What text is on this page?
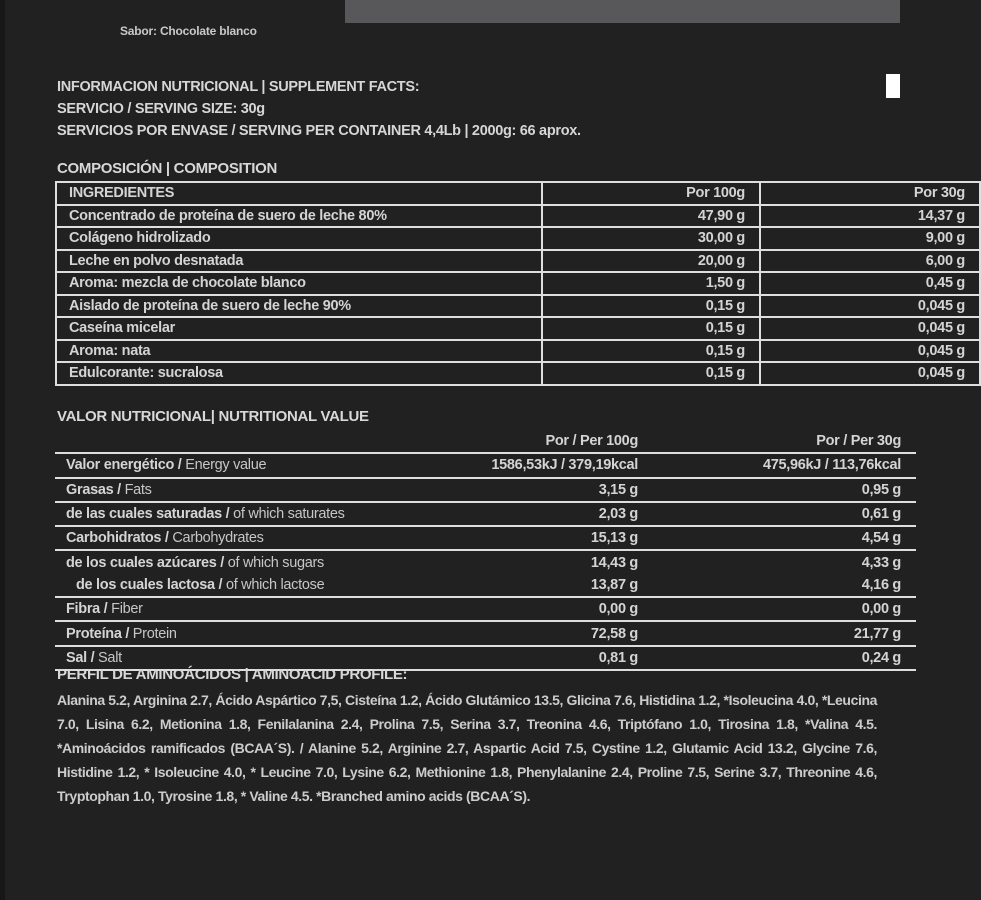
Sabor: Chocolate blanco
INFORMACION NUTRICIONAL | SUPPLEMENT FACTS:
SERVICIO / SERVING SIZE: 30g
SERVICIOS POR ENVASE / SERVING PER CONTAINER 4,4Lb | 2000g: 66 aprox.
COMPOSICIÓN | COMPOSITION
INGREDIENTES	Por 100g	Por 30g
Concentrado de proteína de suero de leche 80%	47,90 g	14,37 g
Colágeno hidrolizado	30,00 g	9,00 g
Leche en polvo desnatada	20,00 g	6,00 g
Aroma: mezcla de chocolate blanco	1,50 g	0,45 g
Aislado de proteína de suero de leche 90%	0,15 g	0,045 g
Caseína micelar	0,15 g	0,045 g
Aroma: nata	0,15 g	0,045 g
Edulcorante: sucralosa	0,15 g	0,045 g
VALOR NUTRICIONAL| NUTRITIONAL VALUE
	Por / Per 100g	Por / Per 30g
Valor energético / Energy value	1586,53kJ / 379,19kcal	475,96kJ / 113,76kcal
Grasas / Fats	3,15 g	0,95 g
de las cuales saturadas / of which saturates	2,03 g	0,61 g
Carbohidratos / Carbohydrates	15,13 g	4,54 g
de los cuales azúcares / of which sugars	14,43 g	4,33 g
de los cuales lactosa / of which lactose	13,87 g	4,16 g
Fibra / Fiber	0,00 g	0,00 g
Proteína / Protein	72,58 g	21,77 g
Sal / Salt	0,81 g	0,24 g
PERFIL DE AMINOÁCIDOS | AMINOACID PROFILE:
Alanina 5.2, Arginina 2.7, Ácido Aspártico 7,5, Cisteína 1.2, Ácido Glutámico 13.5, Glicina 7.6, Histidina 1.2, *Isoleucina 4.0, *Leucina 7.0, Lisina 6.2, Metionina 1.8, Fenilalanina 2.4, Prolina 7.5, Serina 3.7, Treonina 4.6, Triptófano 1.0, Tirosina 1.8, *Valina 4.5. *Aminoácidos ramificados (BCAA´S). / Alanine 5.2, Arginine 2.7, Aspartic Acid 7.5, Cystine 1.2, Glutamic Acid 13.2, Glycine 7.6, Histidine 1.2, * Isoleucine 4.0, * Leucine 7.0, Lysine 6.2, Methionine 1.8, Phenylalanine 2.4, Proline 7.5, Serine 3.7, Threonine 4.6, Tryptophan 1.0, Tyrosine 1.8, * Valine 4.5. *Branched amino acids (BCAA´S).
